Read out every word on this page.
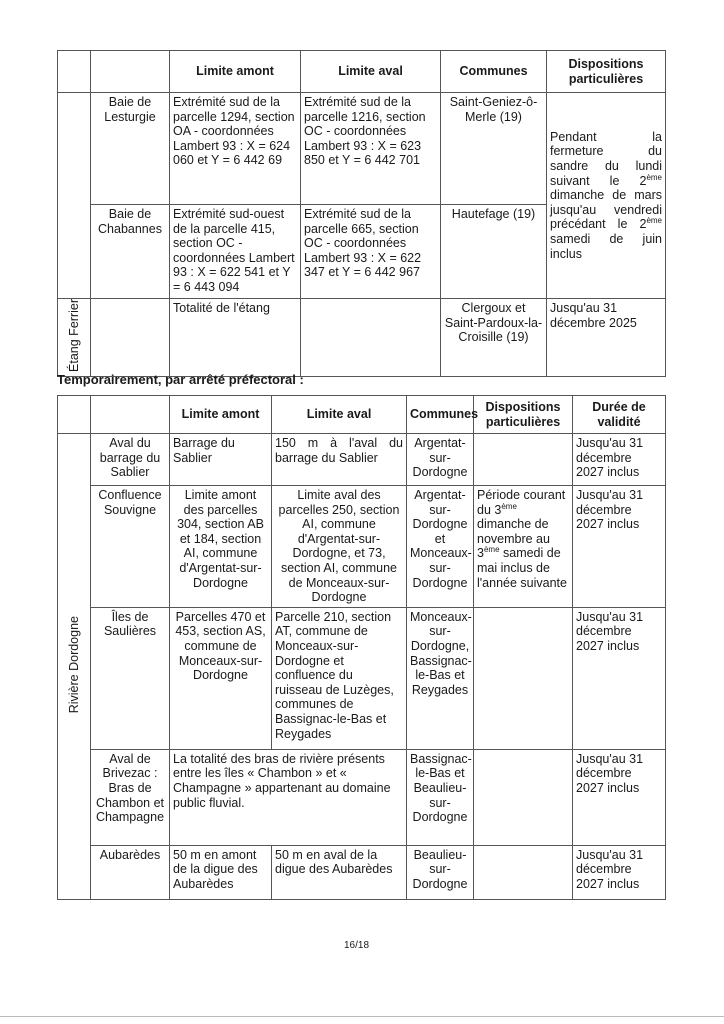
		Limite amont	Limite aval	Communes	Dispositions particulières
	Baie de Lesturgie	Extrémité sud de la parcelle 1294, section OA - coordonnées Lambert 93 : X = 624 060 et Y = 6 442 69	Extrémité sud de la parcelle 1216, section OC - coordonnées Lambert 93 : X = 623 850 et Y = 6 442 701	Saint-Geniez-ô-Merle (19)	Pendant la fermeture du sandre du lundi suivant le 2ème dimanche de mars jusqu'au vendredi précédant le 2ème samedi de juin inclus
	Baie de Chabannes	Extrémité sud-ouest de la parcelle 415, section OC - coordonnées Lambert 93 : X = 622 541 et Y = 6 443 094	Extrémité sud de la parcelle 665, section OC - coordonnées Lambert 93 : X = 622 347 et Y = 6 442 967	Hautefage (19)	
Étang Ferrier		Totalité de l'étang		Clergoux et Saint-Pardoux-la-Croisille (19)	Jusqu'au 31 décembre 2025
Temporairement, par arrêté préfectoral :
		Limite amont	Limite aval	Communes	Dispositions particulières	Durée de validité
Rivière Dordogne	Aval du barrage du Sablier	Barrage du Sablier	150 m à l'aval du barrage du Sablier	Argentat-sur-Dordogne		Jusqu'au 31 décembre 2027 inclus
	Confluence Souvigne	Limite amont des parcelles 304, section AB et 184, section AI, commune d'Argentat-sur-Dordogne	Limite aval des parcelles 250, section AI, commune d'Argentat-sur-Dordogne, et 73, section AI, commune de Monceaux-sur-Dordogne	Argentat-sur-Dordogne et Monceaux-sur-Dordogne	Période courant du 3ème dimanche de novembre au 3ème samedi de mai inclus de l'année suivante	Jusqu'au 31 décembre 2027 inclus
	Îles de Saulières	Parcelles 470 et 453, section AS, commune de Monceaux-sur-Dordogne	Parcelle 210, section AT, commune de Monceaux-sur-Dordogne et confluence du ruisseau de Luzèges, communes de Bassignac-le-Bas et Reygades	Monceaux-sur-Dordogne, Bassignac-le-Bas et Reygades		Jusqu'au 31 décembre 2027 inclus
	Aval de Brivezac : Bras de Chambon et Champagne	La totalité des bras de rivière présents entre les îles « Chambon » et « Champagne » appartenant au domaine public fluvial.		Bassignac-le-Bas et Beaulieu-sur-Dordogne		Jusqu'au 31 décembre 2027 inclus
	Aubarèdes	50 m en amont de la digue des Aubarèdes	50 m en aval de la digue des Aubarèdes	Beaulieu-sur-Dordogne		Jusqu'au 31 décembre 2027 inclus
16/18
